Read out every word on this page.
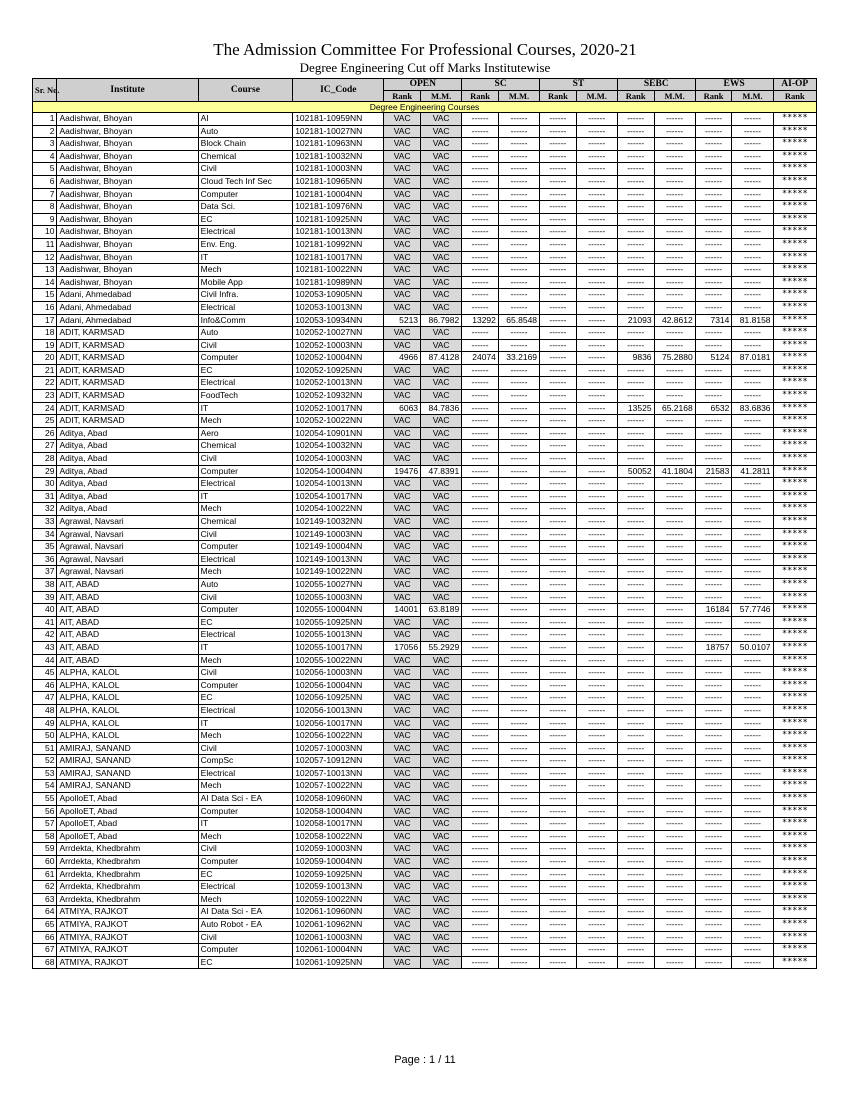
The Admission Committee For Professional Courses, 2020-21
Degree Engineering Cut off Marks Institutewise
Sr. No.	Institute	Course	IC_Code	OPEN		SC		ST		SEBC		EWS		AI-OP
				Rank	M.M.	Rank	M.M.	Rank	M.M.	Rank	M.M.	Rank	M.M.	Rank
Degree Engineering Courses														
1	Aadishwar, Bhoyan	AI	102181-10959NN	VAC	VAC	------	------	------	------	------	------	------	------	*****
2	Aadishwar, Bhoyan	Auto	102181-10027NN	VAC	VAC	------	------	------	------	------	------	------	------	*****
3	Aadishwar, Bhoyan	Block Chain	102181-10963NN	VAC	VAC	------	------	------	------	------	------	------	------	*****
4	Aadishwar, Bhoyan	Chemical	102181-10032NN	VAC	VAC	------	------	------	------	------	------	------	------	*****
5	Aadishwar, Bhoyan	Civil	102181-10003NN	VAC	VAC	------	------	------	------	------	------	------	------	*****
6	Aadishwar, Bhoyan	Cloud Tech Inf Sec	102181-10965NN	VAC	VAC	------	------	------	------	------	------	------	------	*****
7	Aadishwar, Bhoyan	Computer	102181-10004NN	VAC	VAC	------	------	------	------	------	------	------	------	*****
8	Aadishwar, Bhoyan	Data Sci.	102181-10976NN	VAC	VAC	------	------	------	------	------	------	------	------	*****
9	Aadishwar, Bhoyan	EC	102181-10925NN	VAC	VAC	------	------	------	------	------	------	------	------	*****
10	Aadishwar, Bhoyan	Electrical	102181-10013NN	VAC	VAC	------	------	------	------	------	------	------	------	*****
11	Aadishwar, Bhoyan	Env. Eng.	102181-10992NN	VAC	VAC	------	------	------	------	------	------	------	------	*****
12	Aadishwar, Bhoyan	IT	102181-10017NN	VAC	VAC	------	------	------	------	------	------	------	------	*****
13	Aadishwar, Bhoyan	Mech	102181-10022NN	VAC	VAC	------	------	------	------	------	------	------	------	*****
14	Aadishwar, Bhoyan	Mobile App	102181-10989NN	VAC	VAC	------	------	------	------	------	------	------	------	*****
15	Adani, Ahmedabad	Civil Infra.	102053-10905NN	VAC	VAC	------	------	------	------	------	------	------	------	*****
16	Adani, Ahmedabad	Electrical	102053-10013NN	VAC	VAC	------	------	------	------	------	------	------	------	*****
17	Adani, Ahmedabad	Info&Comm	102053-10934NN	5213	86.7982	13292	65.8548	------	------	21093	42.8612	7314	81.8158	*****
18	ADIT, KARMSAD	Auto	102052-10027NN	VAC	VAC	------	------	------	------	------	------	------	------	*****
19	ADIT, KARMSAD	Civil	102052-10003NN	VAC	VAC	------	------	------	------	------	------	------	------	*****
20	ADIT, KARMSAD	Computer	102052-10004NN	4966	87.4128	24074	33.2169	------	------	9836	75.2880	5124	87.0181	*****
21	ADIT, KARMSAD	EC	102052-10925NN	VAC	VAC	------	------	------	------	------	------	------	------	*****
22	ADIT, KARMSAD	Electrical	102052-10013NN	VAC	VAC	------	------	------	------	------	------	------	------	*****
23	ADIT, KARMSAD	FoodTech	102052-10932NN	VAC	VAC	------	------	------	------	------	------	------	------	*****
24	ADIT, KARMSAD	IT	102052-10017NN	6063	84.7836	------	------	------	------	13525	65.2168	6532	83.6836	*****
25	ADIT, KARMSAD	Mech	102052-10022NN	VAC	VAC	------	------	------	------	------	------	------	------	*****
26	Aditya, Abad	Aero	102054-10901NN	VAC	VAC	------	------	------	------	------	------	------	------	*****
27	Aditya, Abad	Chemical	102054-10032NN	VAC	VAC	------	------	------	------	------	------	------	------	*****
28	Aditya, Abad	Civil	102054-10003NN	VAC	VAC	------	------	------	------	------	------	------	------	*****
29	Aditya, Abad	Computer	102054-10004NN	19476	47.8391	------	------	------	------	50052	41.1804	21583	41.2811	*****
30	Aditya, Abad	Electrical	102054-10013NN	VAC	VAC	------	------	------	------	------	------	------	------	*****
31	Aditya, Abad	IT	102054-10017NN	VAC	VAC	------	------	------	------	------	------	------	------	*****
32	Aditya, Abad	Mech	102054-10022NN	VAC	VAC	------	------	------	------	------	------	------	------	*****
33	Agrawal, Navsari	Chemical	102149-10032NN	VAC	VAC	------	------	------	------	------	------	------	------	*****
34	Agrawal, Navsari	Civil	102149-10003NN	VAC	VAC	------	------	------	------	------	------	------	------	*****
35	Agrawal, Navsari	Computer	102149-10004NN	VAC	VAC	------	------	------	------	------	------	------	------	*****
36	Agrawal, Navsari	Electrical	102149-10013NN	VAC	VAC	------	------	------	------	------	------	------	------	*****
37	Agrawal, Navsari	Mech	102149-10022NN	VAC	VAC	------	------	------	------	------	------	------	------	*****
38	AIT, ABAD	Auto	102055-10027NN	VAC	VAC	------	------	------	------	------	------	------	------	*****
39	AIT, ABAD	Civil	102055-10003NN	VAC	VAC	------	------	------	------	------	------	------	------	*****
40	AIT, ABAD	Computer	102055-10004NN	14001	63.8189	------	------	------	------	------	------	16184	57.7746	*****
41	AIT, ABAD	EC	102055-10925NN	VAC	VAC	------	------	------	------	------	------	------	------	*****
42	AIT, ABAD	Electrical	102055-10013NN	VAC	VAC	------	------	------	------	------	------	------	------	*****
43	AIT, ABAD	IT	102055-10017NN	17056	55.2929	------	------	------	------	------	------	18757	50.0107	*****
44	AIT, ABAD	Mech	102055-10022NN	VAC	VAC	------	------	------	------	------	------	------	------	*****
45	ALPHA, KALOL	Civil	102056-10003NN	VAC	VAC	------	------	------	------	------	------	------	------	*****
46	ALPHA, KALOL	Computer	102056-10004NN	VAC	VAC	------	------	------	------	------	------	------	------	*****
47	ALPHA, KALOL	EC	102056-10925NN	VAC	VAC	------	------	------	------	------	------	------	------	*****
48	ALPHA, KALOL	Electrical	102056-10013NN	VAC	VAC	------	------	------	------	------	------	------	------	*****
49	ALPHA, KALOL	IT	102056-10017NN	VAC	VAC	------	------	------	------	------	------	------	------	*****
50	ALPHA, KALOL	Mech	102056-10022NN	VAC	VAC	------	------	------	------	------	------	------	------	*****
51	AMIRAJ, SANAND	Civil	102057-10003NN	VAC	VAC	------	------	------	------	------	------	------	------	*****
52	AMIRAJ, SANAND	CompSc	102057-10912NN	VAC	VAC	------	------	------	------	------	------	------	------	*****
53	AMIRAJ, SANAND	Electrical	102057-10013NN	VAC	VAC	------	------	------	------	------	------	------	------	*****
54	AMIRAJ, SANAND	Mech	102057-10022NN	VAC	VAC	------	------	------	------	------	------	------	------	*****
55	ApolloET, Abad	AI Data Sci - EA	102058-10960NN	VAC	VAC	------	------	------	------	------	------	------	------	*****
56	ApolloET, Abad	Computer	102058-10004NN	VAC	VAC	------	------	------	------	------	------	------	------	*****
57	ApolloET, Abad	IT	102058-10017NN	VAC	VAC	------	------	------	------	------	------	------	------	*****
58	ApolloET, Abad	Mech	102058-10022NN	VAC	VAC	------	------	------	------	------	------	------	------	*****
59	Arrdekta, Khedbrahm	Civil	102059-10003NN	VAC	VAC	------	------	------	------	------	------	------	------	*****
60	Arrdekta, Khedbrahm	Computer	102059-10004NN	VAC	VAC	------	------	------	------	------	------	------	------	*****
61	Arrdekta, Khedbrahm	EC	102059-10925NN	VAC	VAC	------	------	------	------	------	------	------	------	*****
62	Arrdekta, Khedbrahm	Electrical	102059-10013NN	VAC	VAC	------	------	------	------	------	------	------	------	*****
63	Arrdekta, Khedbrahm	Mech	102059-10022NN	VAC	VAC	------	------	------	------	------	------	------	------	*****
64	ATMIYA, RAJKOT	AI Data Sci - EA	102061-10960NN	VAC	VAC	------	------	------	------	------	------	------	------	*****
65	ATMIYA, RAJKOT	Auto Robot - EA	102061-10962NN	VAC	VAC	------	------	------	------	------	------	------	------	*****
66	ATMIYA, RAJKOT	Civil	102061-10003NN	VAC	VAC	------	------	------	------	------	------	------	------	*****
67	ATMIYA, RAJKOT	Computer	102061-10004NN	VAC	VAC	------	------	------	------	------	------	------	------	*****
68	ATMIYA, RAJKOT	EC	102061-10925NN	VAC	VAC	------	------	------	------	------	------	------	------	*****
Page : 1 / 11
